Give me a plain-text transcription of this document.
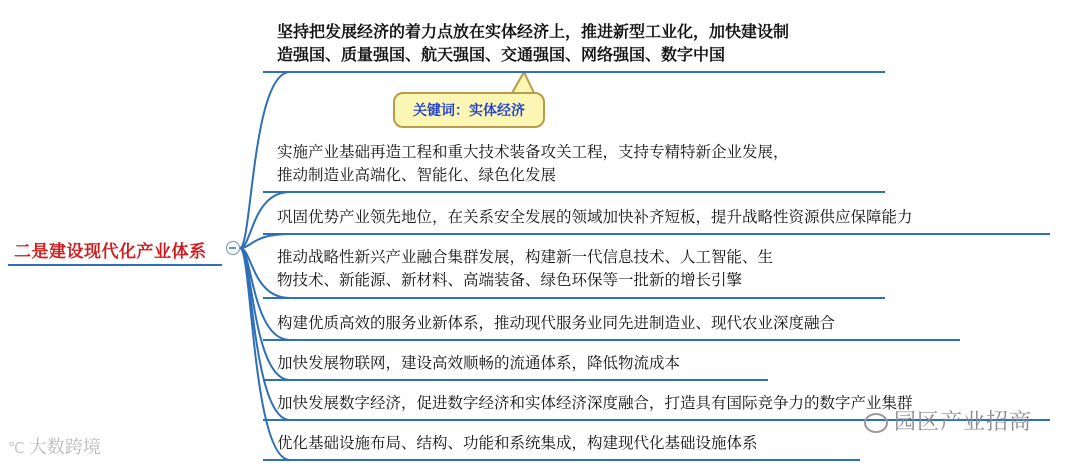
二是建设现代化产业体系
坚持把发展经济的着力点放在实体经济上，推进新型工业化，加快建设制
造强国、质量强国、航天强国、交通强国、网络强国、数字中国
关键词：实体经济
实施产业基础再造工程和重大技术装备攻关工程，支持专精特新企业发展，
推动制造业高端化、智能化、绿色化发展
巩固优势产业领先地位，在关系安全发展的领域加快补齐短板，提升战略性资源供应保障能力
推动战略性新兴产业融合集群发展，构建新一代信息技术、人工智能、生
物技术、新能源、新材料、高端装备、绿色环保等一批新的增长引擎
构建优质高效的服务业新体系，推动现代服务业同先进制造业、现代农业深度融合
加快发展物联网，建设高效顺畅的流通体系，降低物流成本
加快发展数字经济，促进数字经济和实体经济深度融合，打造具有国际竞争力的数字产业集群
优化基础设施布局、结构、功能和系统集成，构建现代化基础设施体系
℃ 大数跨境
园区产业招商
